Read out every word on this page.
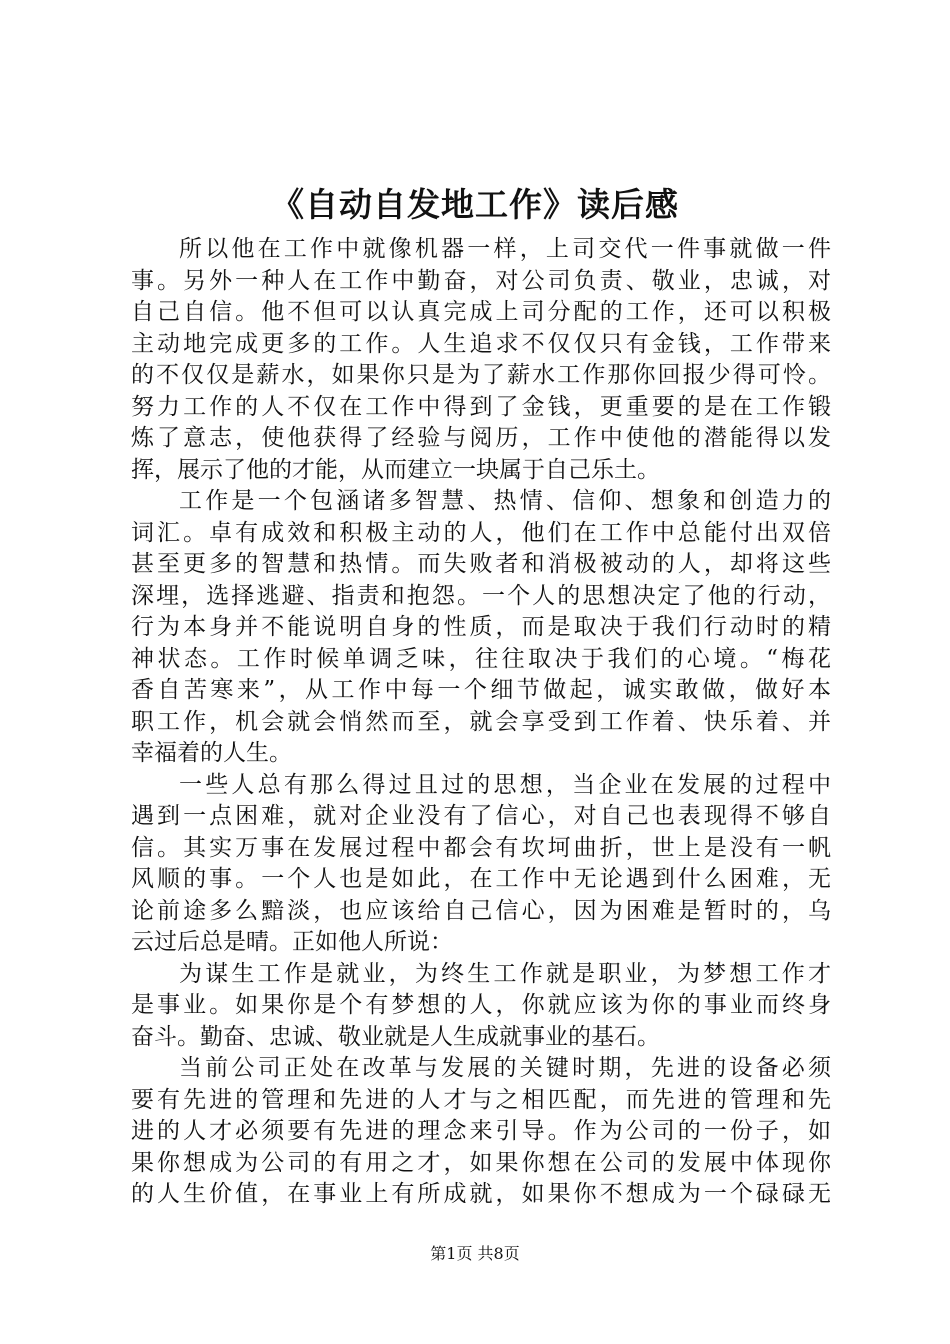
《自动自发地工作》读后感
所以他在工作中就像机器一样，上司交代一件事就做一件
事。另外一种人在工作中勤奋，对公司负责、敬业，忠诚，对
自己自信。他不但可以认真完成上司分配的工作，还可以积极
主动地完成更多的工作。人生追求不仅仅只有金钱，工作带来
的不仅仅是薪水，如果你只是为了薪水工作那你回报少得可怜。
努力工作的人不仅在工作中得到了金钱，更重要的是在工作锻
炼了意志，使他获得了经验与阅历，工作中使他的潜能得以发
挥，展示了他的才能，从而建立一块属于自己乐土。
工作是一个包涵诸多智慧、热情、信仰、想象和创造力的
词汇。卓有成效和积极主动的人，他们在工作中总能付出双倍
甚至更多的智慧和热情。而失败者和消极被动的人，却将这些
深埋，选择逃避、指责和抱怨。一个人的思想决定了他的行动，
行为本身并不能说明自身的性质，而是取决于我们行动时的精
神状态。工作时候单调乏味，往往取决于我们的心境。“梅花
香自苦寒来”，从工作中每一个细节做起，诚实敢做，做好本
职工作，机会就会悄然而至，就会享受到工作着、快乐着、并
幸福着的人生。
一些人总有那么得过且过的思想，当企业在发展的过程中
遇到一点困难，就对企业没有了信心，对自己也表现得不够自
信。其实万事在发展过程中都会有坎坷曲折，世上是没有一帆
风顺的事。一个人也是如此，在工作中无论遇到什么困难，无
论前途多么黯淡，也应该给自己信心，因为困难是暂时的，乌
云过后总是晴。正如他人所说：
为谋生工作是就业，为终生工作就是职业，为梦想工作才
是事业。如果你是个有梦想的人，你就应该为你的事业而终身
奋斗。勤奋、忠诚、敬业就是人生成就事业的基石。
当前公司正处在改革与发展的关键时期，先进的设备必须
要有先进的管理和先进的人才与之相匹配，而先进的管理和先
进的人才必须要有先进的理念来引导。作为公司的一份子，如
果你想成为公司的有用之才，如果你想在公司的发展中体现你
的人生价值，在事业上有所成就，如果你不想成为一个碌碌无
第1页 共8页
